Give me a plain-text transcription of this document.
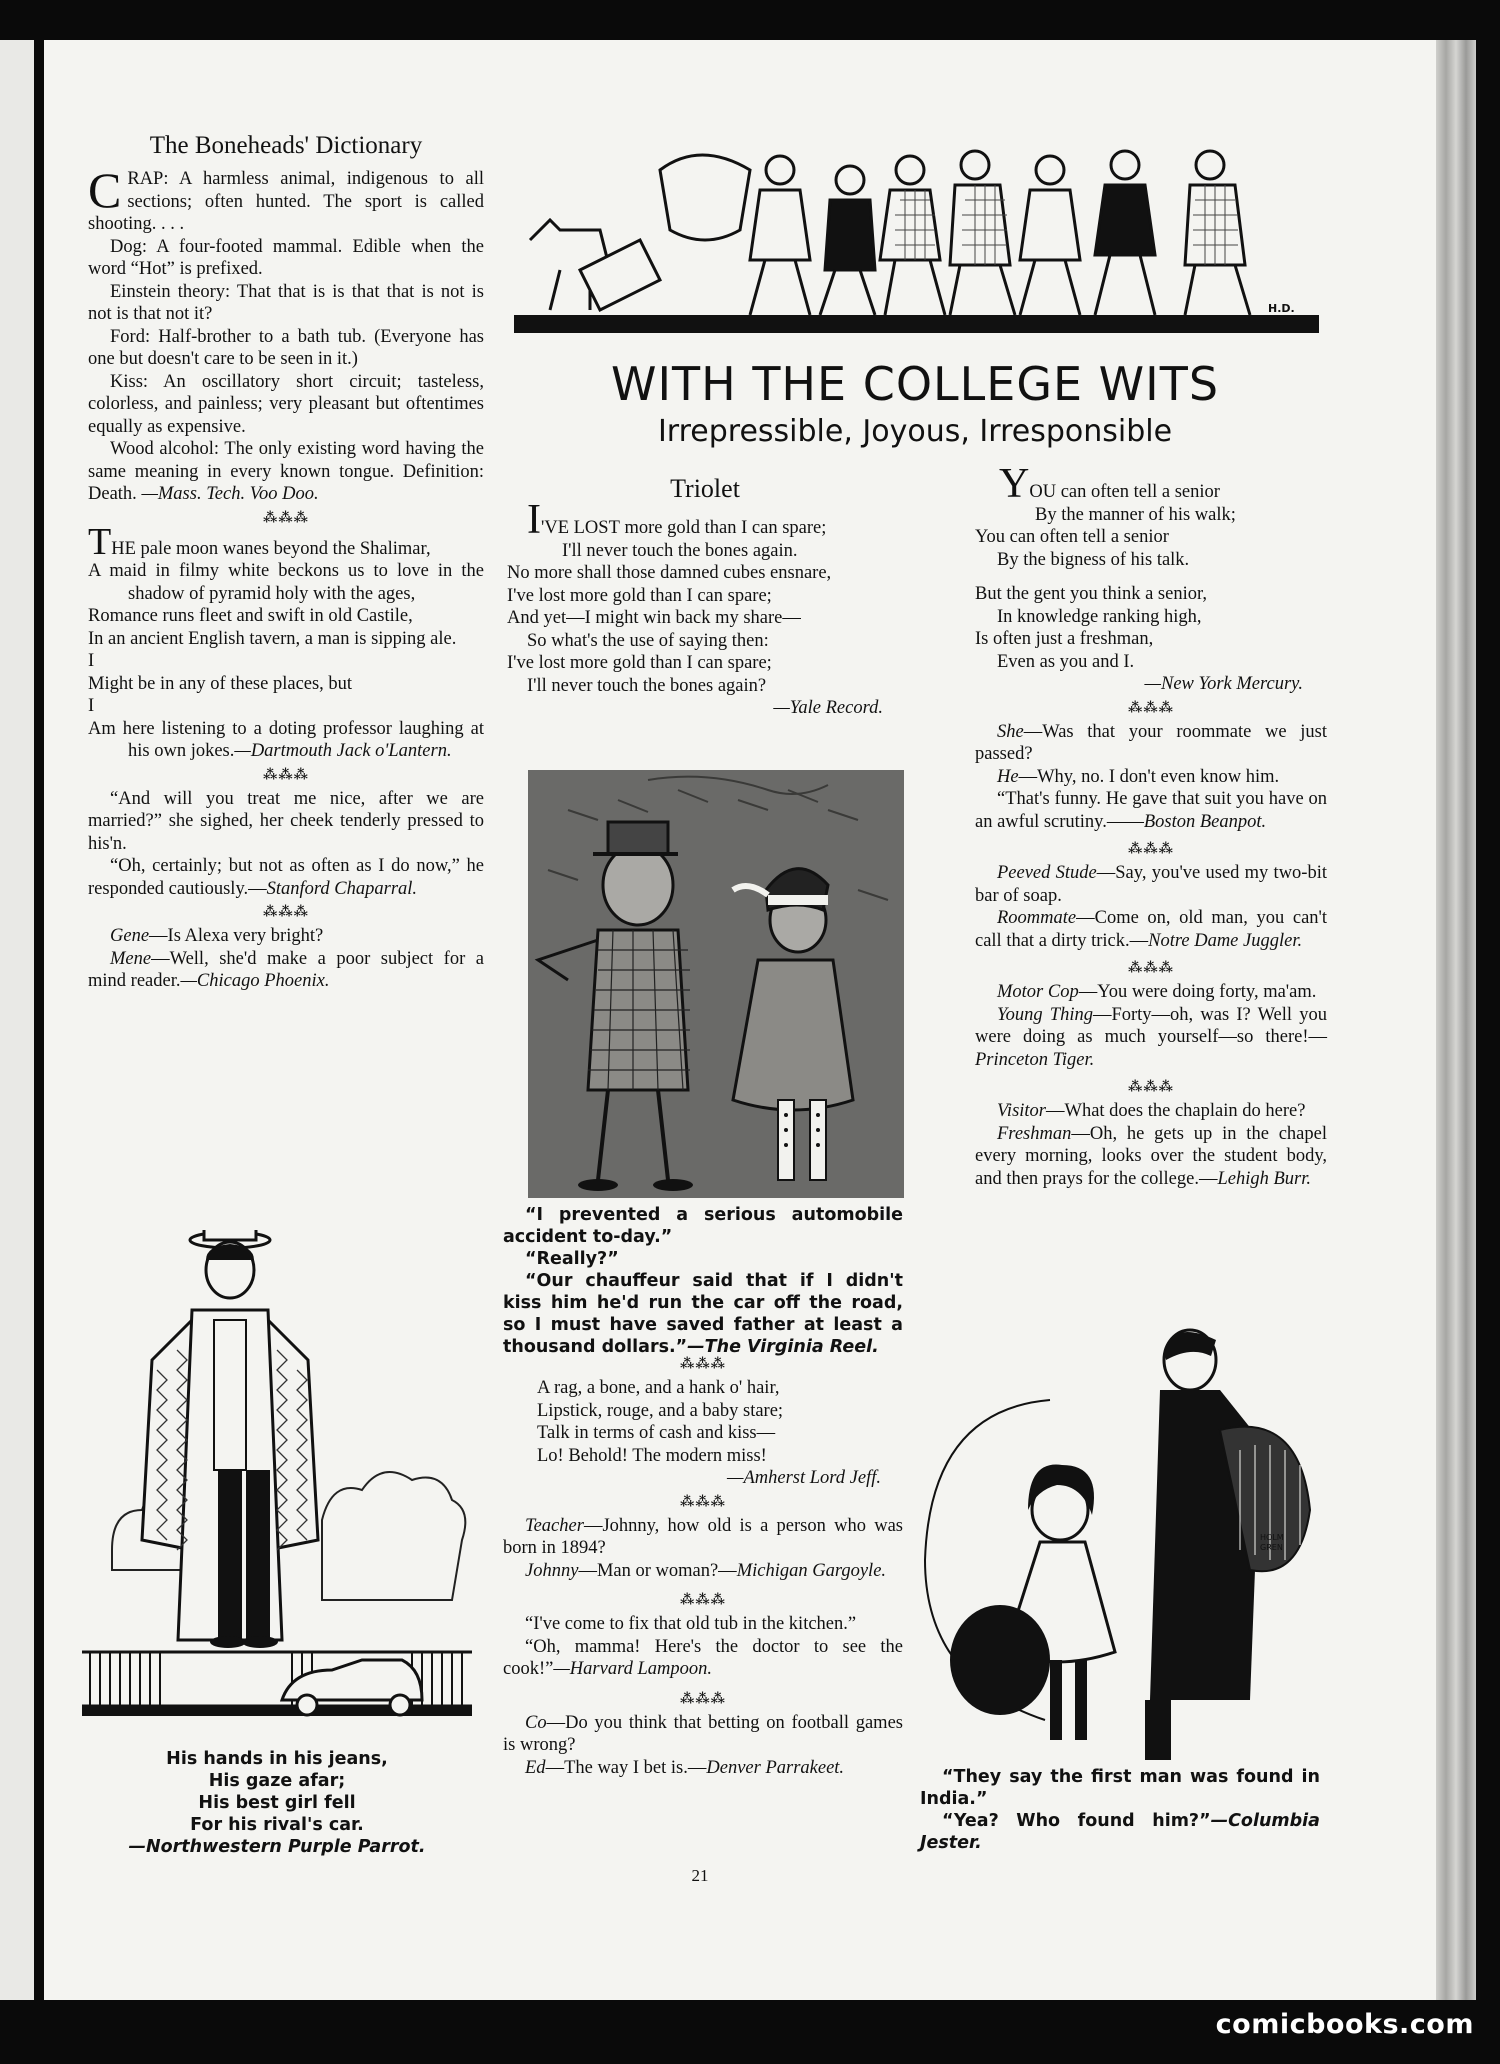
The Boneheads' Dictionary

CRAP: A harmless animal, indigenous to all sections; often hunted. The sport is called shooting. . . .

Dog: A four-footed mammal. Edible when the word “Hot” is prefixed.

Einstein theory: That that is is that that is not is not is that not it?

Ford: Half-brother to a bath tub. (Everyone has one but doesn't care to be seen in it.)

Kiss: An oscillatory short circuit; tasteless, colorless, and painless; very pleasant but oftentimes equally as expensive.

Wood alcohol: The only existing word having the same meaning in every known tongue. Definition: Death. —Mass. Tech. Voo Doo.

⁂⁂⁂

THE pale moon wanes beyond the Shalimar,

A maid in filmy white beckons us to love in the shadow of pyramid holy with the ages,

Romance runs fleet and swift in old Castile,

In an ancient English tavern, a man is sipping ale.

I

Might be in any of these places, but

I

Am here listening to a doting professor laughing at his own jokes.—Dartmouth Jack o'Lantern.

⁂⁂⁂

“And will you treat me nice, after we are married?” she sighed, her cheek tenderly pressed to his'n.

“Oh, certainly; but not as often as I do now,” he responded cautiously.—Stanford Chaparral.

⁂⁂⁂

Gene—Is Alexa very bright?

Mene—Well, she'd make a poor subject for a mind reader.—Chicago Phoenix.

His hands in his jeans,
His gaze afar;
His best girl fell
For his rival's car.
—Northwestern Purple Parrot.
H.D.
WITH THE COLLEGE WITS
Irrepressible, Joyous, Irresponsible
Triolet
I'VE LOST more gold than I can spare;
I'll never touch the bones again.
No more shall those damned cubes ensnare,
I've lost more gold than I can spare;
And yet—I might win back my share—
So what's the use of saying then:
I've lost more gold than I can spare;
I'll never touch the bones again?
—Yale Record.
“I prevented a serious automobile accident to-day.”
“Really?”
“Our chauffeur said that if I didn't kiss him he'd run the car off the road, so I must have saved father at least a thousand dollars.”—The Virginia Reel.
⁂⁂⁂
A rag, a bone, and a hank o' hair,
Lipstick, rouge, and a baby stare;
Talk in terms of cash and kiss—
Lo! Behold! The modern miss!
—Amherst Lord Jeff.
⁂⁂⁂

Teacher—Johnny, how old is a person who was born in 1894?

Johnny—Man or woman?—Michigan Gargoyle.

⁂⁂⁂

“I've come to fix that old tub in the kitchen.”

“Oh, mamma! Here's the doctor to see the cook!”—Harvard Lampoon.

⁂⁂⁂

Co—Do you think that betting on football games is wrong?

Ed—The way I bet is.—Denver Parrakeet.

YOU can often tell a senior
By the manner of his walk;
You can often tell a senior
By the bigness of his talk.
But the gent you think a senior,
In knowledge ranking high,
Is often just a freshman,
Even as you and I.
—New York Mercury.
⁂⁂⁂

She—Was that your roommate we just passed?

He—Why, no. I don't even know him.

“That's funny. He gave that suit you have on an awful scrutiny.——Boston Beanpot.

⁂⁂⁂

Peeved Stude—Say, you've used my two-bit bar of soap.

Roommate—Come on, old man, you can't call that a dirty trick.—Notre Dame Juggler.

⁂⁂⁂

Motor Cop—You were doing forty, ma'am.

Young Thing—Forty—oh, was I? Well you were doing as much yourself—so there!—Princeton Tiger.

⁂⁂⁂

Visitor—What does the chaplain do here?

Freshman—Oh, he gets up in the chapel every morning, looks over the student body, and then prays for the college.—Lehigh Burr.

HOLM
GREN
“They say the first man was found in India.”
“Yea? Who found him?”—Columbia Jester.
21
comicbooks.com
